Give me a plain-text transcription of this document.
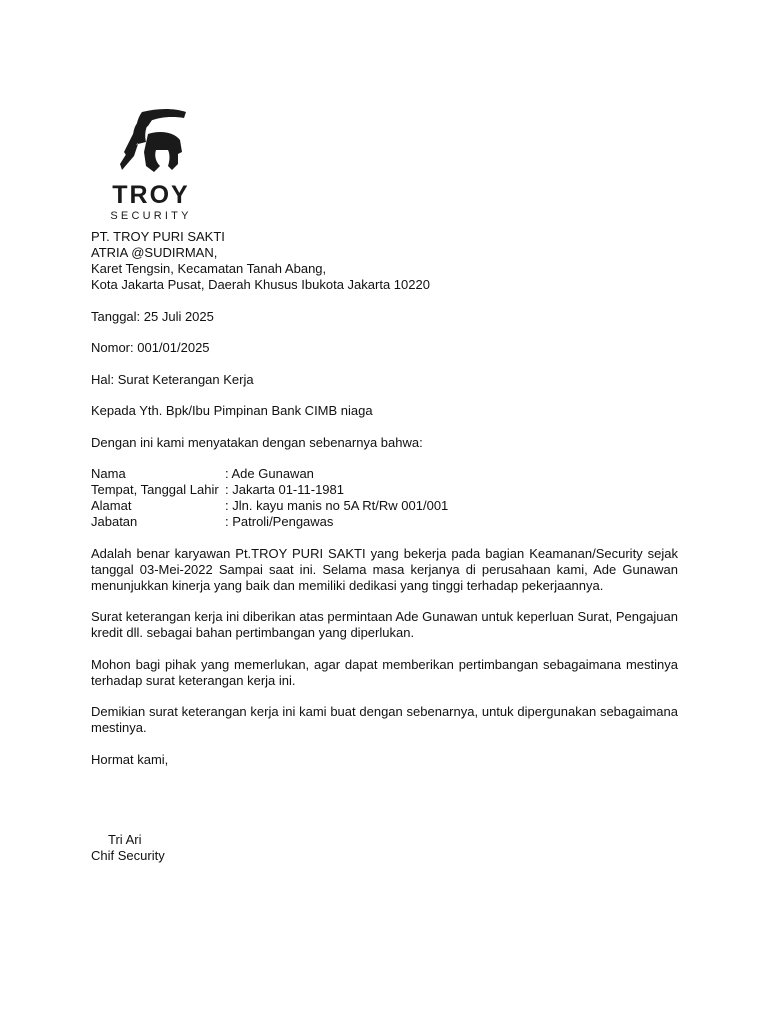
TROY
SECURITY
PT. TROY PURI SAKTI
ATRIA @SUDIRMAN,
Karet Tengsin, Kecamatan Tanah Abang,
Kota Jakarta Pusat, Daerah Khusus Ibukota Jakarta 10220
Tanggal: 25 Juli 2025
Nomor: 001/01/2025
Hal: Surat Keterangan Kerja
Kepada Yth. Bpk/Ibu Pimpinan Bank CIMB niaga
Dengan ini kami menyatakan dengan sebenarnya bahwa:
Nama	: Ade Gunawan
Tempat, Tanggal Lahir : Jakarta 01-11-1981
Alamat	: Jln. kayu manis no 5A Rt/Rw 001/001
Jabatan	: Patroli/Pengawas

Adalah benar karyawan Pt.TROY PURI SAKTI yang bekerja pada bagian Keamanan/Security sejak tanggal 03-Mei-2022 Sampai saat ini. Selama masa kerjanya di perusahaan kami, Ade Gunawan menunjukkan kinerja yang baik dan memiliki dedikasi yang tinggi terhadap pekerjaannya.

Surat keterangan kerja ini diberikan atas permintaan Ade Gunawan untuk keperluan Surat, Pengajuan kredit dll. sebagai bahan pertimbangan yang diperlukan.

Mohon bagi pihak yang memerlukan, agar dapat memberikan pertimbangan sebagaimana mestinya terhadap surat keterangan kerja ini.

Demikian surat keterangan kerja ini kami buat dengan sebenarnya, untuk dipergunakan sebagaimana mestinya.

Hormat kami,
Tri Ari
Chif Security
